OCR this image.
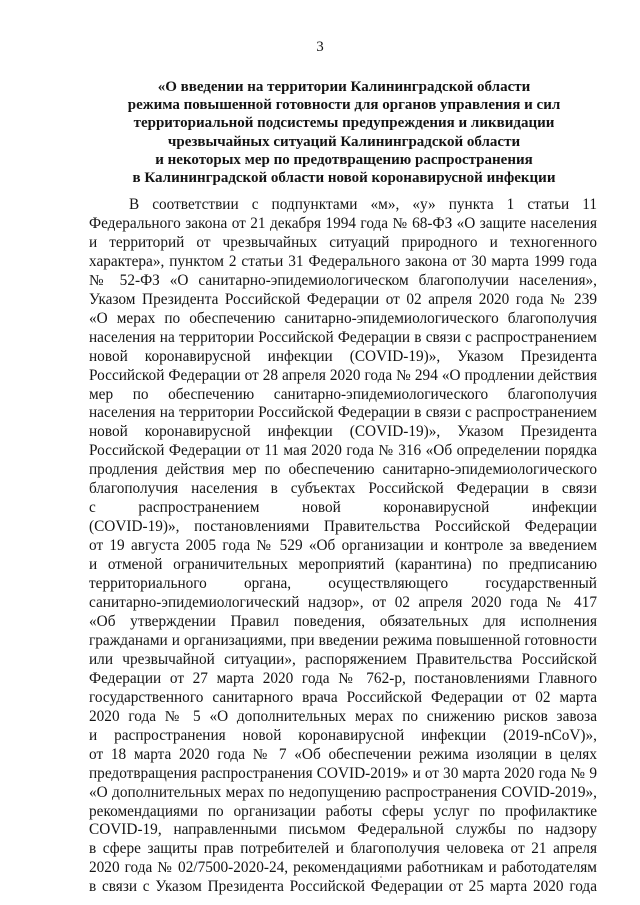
3
«О введении на территории Калининградской области
режима повышенной готовности для органов управления и сил
территориальной подсистемы предупреждения и ликвидации
чрезвычайных ситуаций Калининградской области
и некоторых мер по предотвращению распространения
в Калининградской области новой коронавирусной инфекции
В соответствии с подпунктами «м», «у» пункта 1 статьи 11
Федерального закона от 21 декабря 1994 года № 68-ФЗ «О защите населения
и территорий от чрезвычайных ситуаций природного и техногенного
характера», пунктом 2 статьи 31 Федерального закона от 30 марта 1999 года
№ 52-ФЗ «О санитарно-эпидемиологическом благополучии населения»,
Указом Президента Российской Федерации от 02 апреля 2020 года № 239
«О мерах по обеспечению санитарно-эпидемиологического благополучия
населения на территории Российской Федерации в связи с распространением
новой коронавирусной инфекции (COVID-19)», Указом Президента
Российской Федерации от 28 апреля 2020 года № 294 «О продлении действия
мер по обеспечению санитарно-эпидемиологического благополучия
населения на территории Российской Федерации в связи с распространением
новой коронавирусной инфекции (COVID-19)», Указом Президента
Российской Федерации от 11 мая 2020 года № 316 «Об определении порядка
продления действия мер по обеспечению санитарно-эпидемиологического
благополучия населения в субъектах Российской Федерации в связи
с распространением новой коронавирусной инфекции
(COVID-19)», постановлениями Правительства Российской Федерации
от 19 августа 2005 года № 529 «Об организации и контроле за введением
и отменой ограничительных мероприятий (карантина) по предписанию
территориального органа, осуществляющего государственный
санитарно-эпидемиологический надзор», от 02 апреля 2020 года № 417
«Об утверждении Правил поведения, обязательных для исполнения
гражданами и организациями, при введении режима повышенной готовности
или чрезвычайной ситуации», распоряжением Правительства Российской
Федерации от 27 марта 2020 года № 762-р, постановлениями Главного
государственного санитарного врача Российской Федерации от 02 марта
2020 года № 5 «О дополнительных мерах по снижению рисков завоза
и распространения новой коронавирусной инфекции (2019-nCoV)»,
от 18 марта 2020 года № 7 «Об обеспечении режима изоляции в целях
предотвращения распространения COVID-2019» и от 30 марта 2020 года № 9
«О дополнительных мерах по недопущению распространения COVID-2019»,
рекомендациями по организации работы сферы услуг по профилактике
COVID-19, направленными письмом Федеральной службы по надзору
в сфере защиты прав потребителей и благополучия человека от 21 апреля
2020 года № 02/7500-2020-24, рекомендациями работникам и работодателям
в связи с Указом Президента Российской Федерации от 25 марта 2020 года
